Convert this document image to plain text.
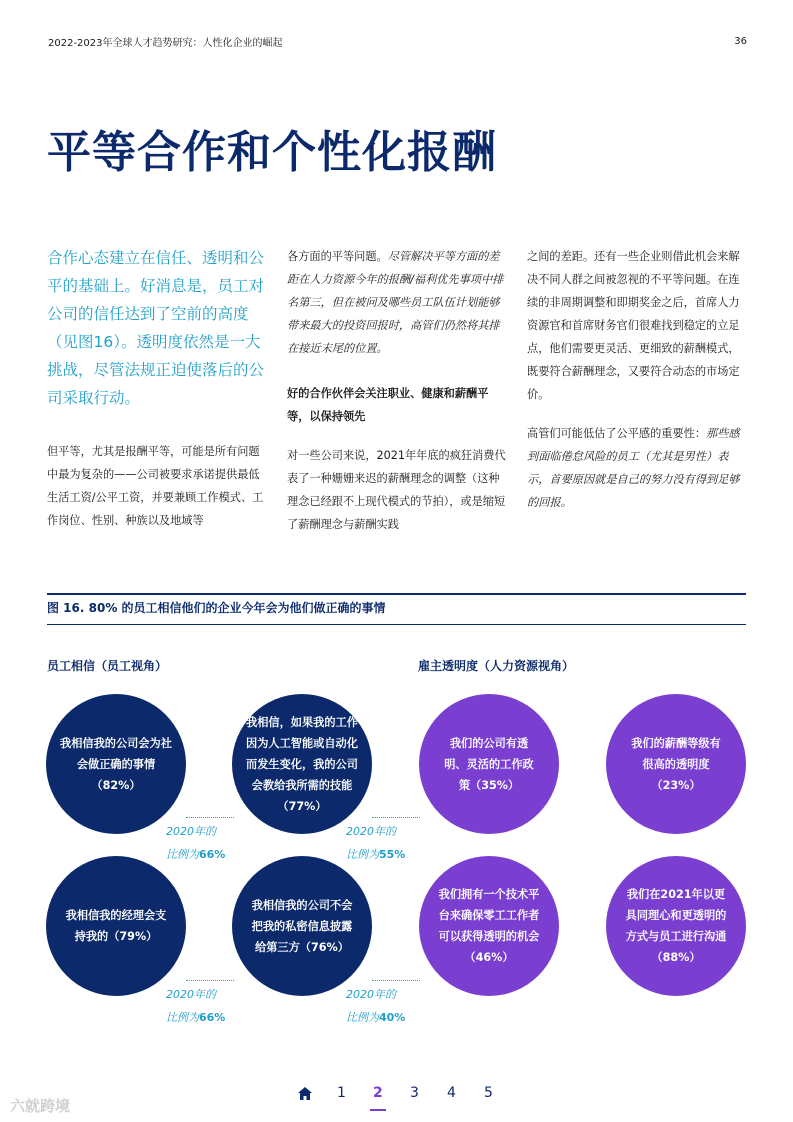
2022-2023年全球人才趋势研究：人性化企业的崛起	36
平等合作和个性化报酬
合作心态建立在信任、透明和公平的基础上。好消息是，员工对公司的信任达到了空前的高度（见图16）。透明度依然是一大挑战，尽管法规正迫使落后的公司采取行动。
但平等，尤其是报酬平等，可能是所有问题中最为复杂的——公司被要求承诺提供最低生活工资/公平工资，并要兼顾工作模式、工作岗位、性别、种族以及地域等
各方面的平等问题。尽管解决平等方面的差距在人力资源今年的报酬/福利优先事项中排名第三，但在被问及哪些员工队伍计划能够带来最大的投资回报时，高管们仍然将其排在接近末尾的位置。
好的合作伙伴会关注职业、健康和薪酬平等，以保持领先
对一些公司来说，2021年年底的疯狂消费代表了一种姗姗来迟的薪酬理念的调整（这种理念已经跟不上现代模式的节拍），或是缩短了薪酬理念与薪酬实践
之间的差距。还有一些企业则借此机会来解决不同人群之间被忽视的不平等问题。在连续的非周期调整和即期奖金之后，首席人力资源官和首席财务官们很难找到稳定的立足点，他们需要更灵活、更细致的薪酬模式，既要符合薪酬理念，又要符合动态的市场定价。
高管们可能低估了公平感的重要性：那些感到面临倦怠风险的员工（尤其是男性）表示，首要原因就是自己的努力没有得到足够的回报。
图 16. 80% 的员工相信他们的企业今年会为他们做正确的事情
员工相信（员工视角）	雇主透明度（人力资源视角）
我相信我的公司会为社会做正确的事情（82%）
我相信，如果我的工作因为人工智能或自动化而发生变化，我的公司会教给我所需的技能（77%）
我相信我的经理会支持我的（79%）
我相信我的公司不会把我的私密信息披露给第三方（76%）
我们的公司有透明、灵活的工作政策（35%）
我们的薪酬等级有很高的透明度（23%）
我们拥有一个技术平台来确保零工工作者可以获得透明的机会（46%）
我们在2021年以更具同理心和更透明的方式与员工进行沟通（88%）
2020年的
比例为66%
2020年的
比例为55%
2020年的
比例为66%
2020年的
比例为40%
1 2 3 4 5
六就跨境
